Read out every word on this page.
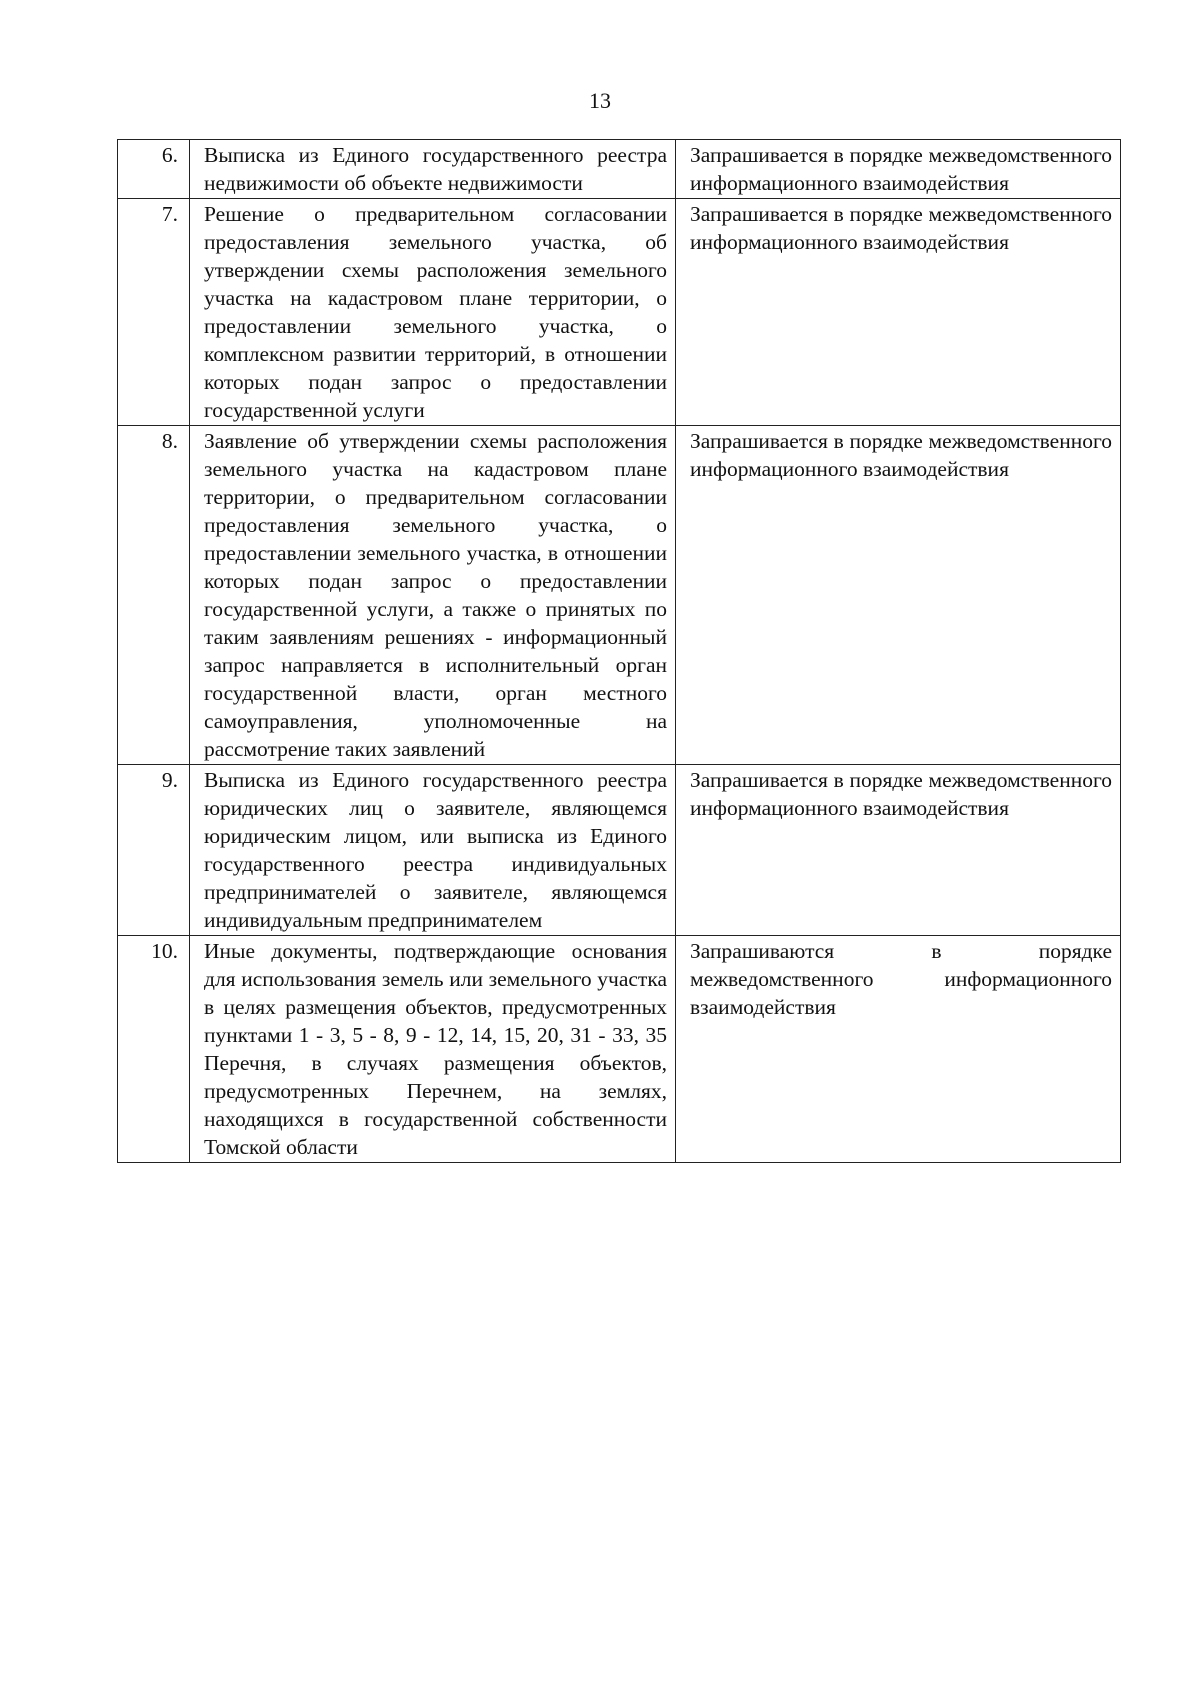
13
6.	Выписка из Единого государственного реестра недвижимости об объекте недвижимости	Запрашивается в порядке межведомственного информационного взаимодействия
7.	Решение о предварительном согласовании предоставления земельного участка, об утверждении схемы расположения земельного участка на кадастровом плане территории, о предоставлении земельного участка, о комплексном развитии территорий, в отношении которых подан запрос о предоставлении государственной услуги	Запрашивается в порядке межведомственного информационного взаимодействия
8.	Заявление об утверждении схемы расположения земельного участка на кадастровом плане территории, о предварительном согласовании предоставления земельного участка, о предоставлении земельного участка, в отношении которых подан запрос о предоставлении государственной услуги, а также о принятых по таким заявлениям решениях - информационный запрос направляется в исполнительный орган государственной власти, орган местного самоуправления, уполномоченные на рассмотрение таких заявлений	Запрашивается в порядке межведомственного информационного взаимодействия
9.	Выписка из Единого государственного реестра юридических лиц о заявителе, являющемся юридическим лицом, или выписка из Единого государственного реестра индивидуальных предпринимателей о заявителе, являющемся индивидуальным предпринимателем	Запрашивается в порядке межведомственного информационного взаимодействия
10.	Иные документы, подтверждающие основания для использования земель или земельного участка в целях размещения объектов, предусмотренных пунктами 1 - 3, 5 - 8, 9 - 12, 14, 15, 20, 31 - 33, 35 Перечня, в случаях размещения объектов, предусмотренных Перечнем, на землях, находящихся в государственной собственности Томской области	Запрашиваются в порядке межведомственного информационного взаимодействия
